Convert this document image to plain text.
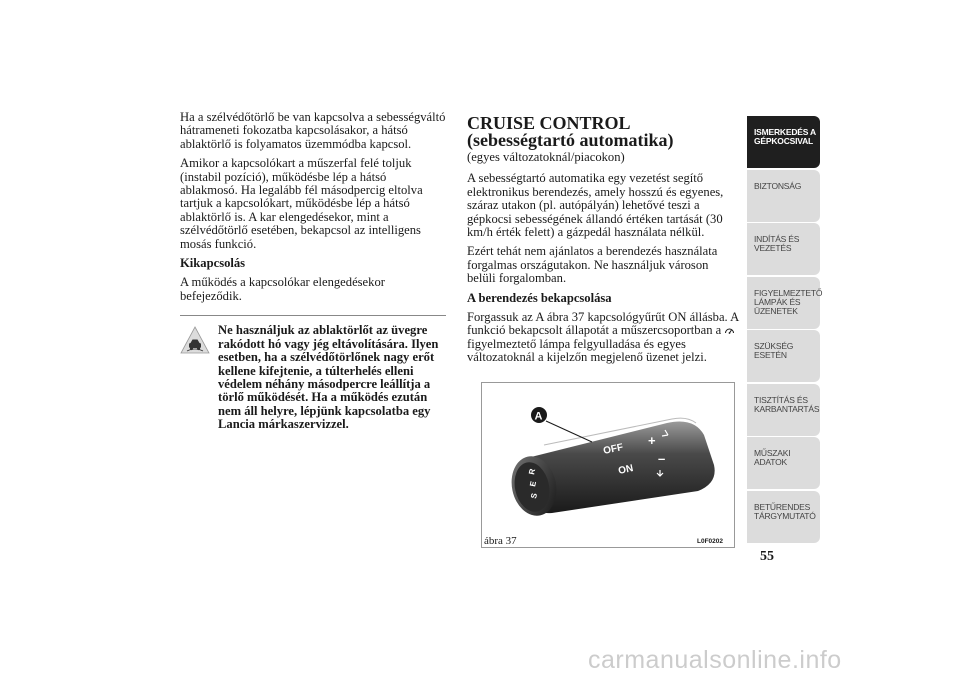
Ha a szélvédőtörlő be van kapcsolva a sebességváltó hátrameneti fokozatba kapcsolásakor, a hátsó ablaktörlő is folyamatos üzemmódba kapcsol.

Amikor a kapcsolókart a műszerfal felé toljuk (instabil pozíció), működésbe lép a hátsó ablakmosó. Ha legalább fél másodpercig eltolva tartjuk a kapcsolókart, működésbe lép a hátsó ablaktörlő is. A kar elengedésekor, mint a szélvédőtörlő esetében, bekapcsol az intelligens mosás funkció.

Kikapcsolás

A működés a kapcsolókar elengedésekor befejeződik.

Ne használjuk az ablaktörlőt az üvegre rakódott hó vagy jég eltávolítására. Ilyen esetben, ha a szélvédőtörlőnek nagy erőt kellene kifejtenie, a túlterhelés elleni védelem néhány másodpercre leállítja a törlő működését. Ha a működés ezután nem áll helyre, lépjünk kapcsolatba egy Lancia márkaszervizzel.
CRUISE CONTROL (sebességtartó automatika)

(egyes változatoknál/piacokon)

A sebességtartó automatika egy vezetést segítő elektronikus berendezés, amely hosszú és egyenes, száraz utakon (pl. autópályán) lehetővé teszi a gépkocsi sebességének állandó értéken tartását (30 km/h érték felett) a gázpedál használata nélkül.

Ezért tehát nem ajánlatos a berendezés használata forgalmas országutakon. Ne használjuk városon belüli forgalomban.

A berendezés bekapcsolása

Forgassuk az A ábra 37 kapcsológyűrűt ON állásba. A funkció bekapcsolt állapotát a műszercsoportban a  figyelmeztető lámpa felgyulladása és egyes változatoknál a kijelzőn megjelenő üzenet jelzi.

R
E
S
OFF
ON
+
–
A
ábra 37	L0F0202
ISMERKEDÉS A GÉPKOCSIVAL
BIZTONSÁG
INDÍTÁS ÉS VEZETÉS
FIGYELMEZTETŐ LÁMPÁK ÉS ÜZENETEK
SZÜKSÉG ESETÉN
TISZTÍTÁS ÉS KARBANTARTÁS
MŰSZAKI ADATOK
BETŰRENDES TÁRGYMUTATÓ
55
carmanualsonline.info
